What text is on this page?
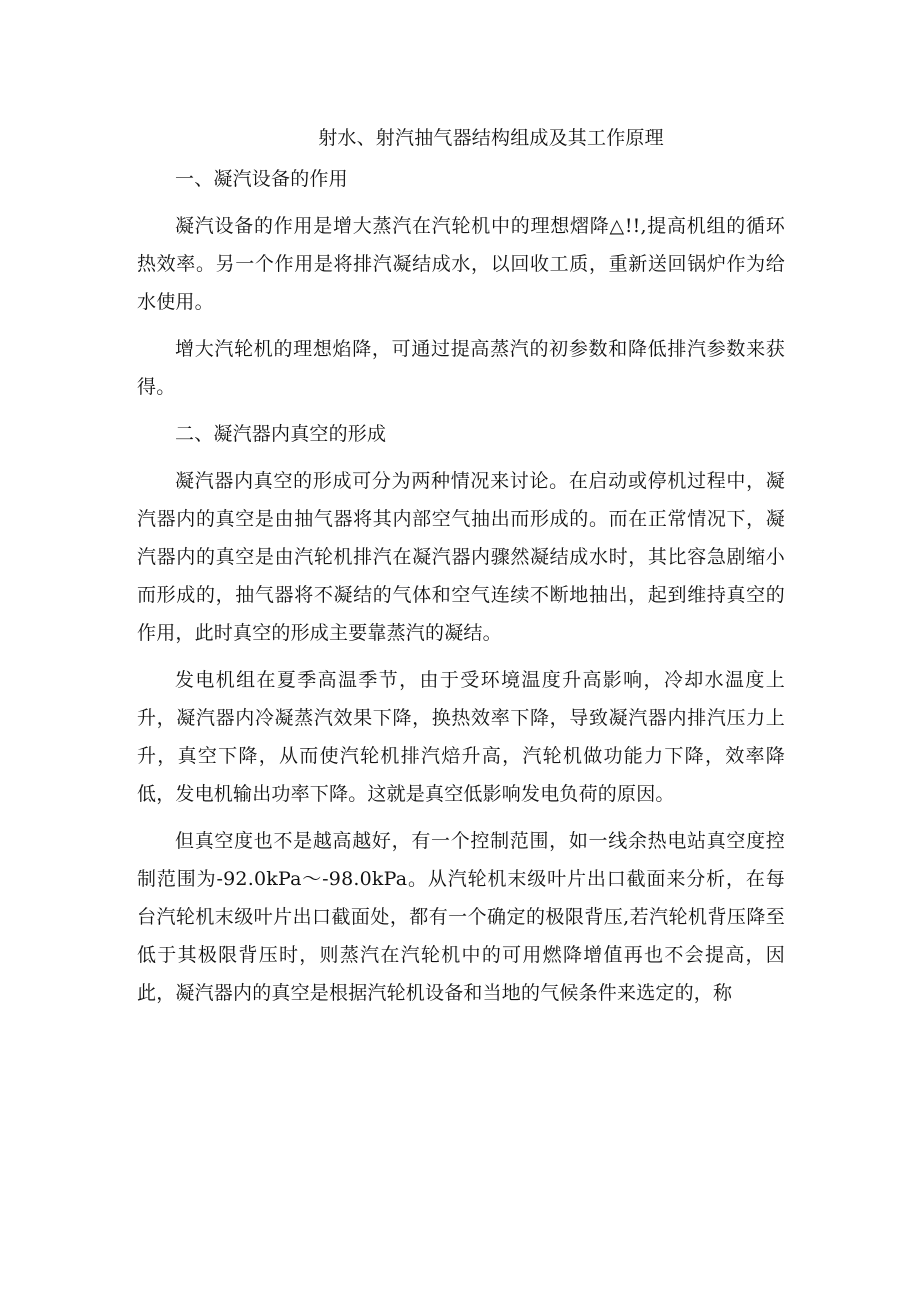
射水、射汽抽气器结构组成及其工作原理
一、凝汽设备的作用

凝汽设备的作用是增大蒸汽在汽轮机中的理想熠降△!!,提高机组的循环热效率。另一个作用是将排汽凝结成水，以回收工质，重新送回锅炉作为给水使用。

增大汽轮机的理想焰降，可通过提高蒸汽的初参数和降低排汽参数来获得。

二、凝汽器内真空的形成

凝汽器内真空的形成可分为两种情况来讨论。在启动或停机过程中，凝汽器内的真空是由抽气器将其内部空气抽出而形成的。而在正常情况下，凝汽器内的真空是由汽轮机排汽在凝汽器内骤然凝结成水时，其比容急剧缩小而形成的，抽气器将不凝结的气体和空气连续不断地抽出，起到维持真空的作用，此时真空的形成主要靠蒸汽的凝结。

发电机组在夏季高温季节，由于受环境温度升高影响，冷却水温度上升，凝汽器内冷凝蒸汽效果下降，换热效率下降，导致凝汽器内排汽压力上升，真空下降，从而使汽轮机排汽焙升高，汽轮机做功能力下降，效率降低，发电机输出功率下降。这就是真空低影响发电负荷的原因。

但真空度也不是越高越好，有一个控制范围，如一线余热电站真空度控制范围为-92.0kPa～-98.0kPa。从汽轮机末级叶片出口截面来分析，在每台汽轮机末级叶片出口截面处，都有一个确定的极限背压,若汽轮机背压降至低于其极限背压时，则蒸汽在汽轮机中的可用燃降增值再也不会提高，因此，凝汽器内的真空是根据汽轮机设备和当地的气候条件来选定的，称
